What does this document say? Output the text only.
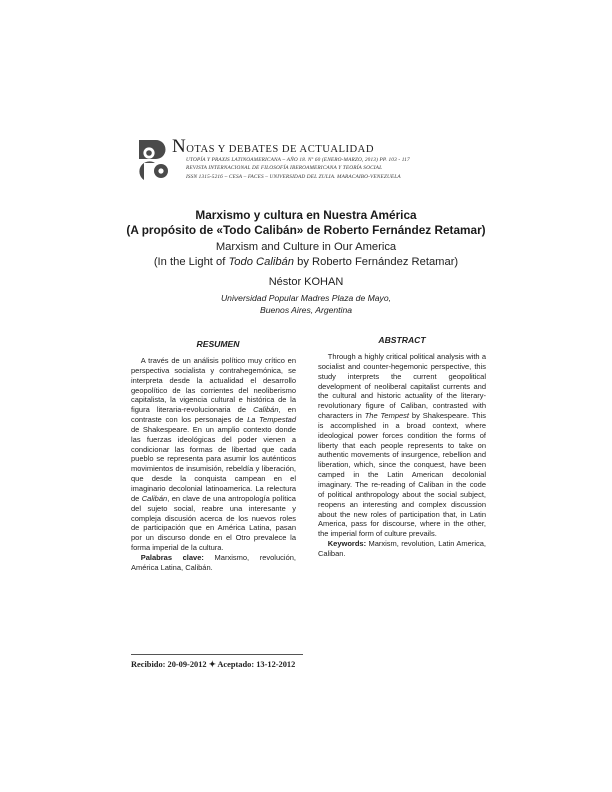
NOTAS Y DEBATES DE ACTUALIDAD
UTOPÍA Y PRAXIS LATINOAMERICANA ~ AÑO 18. Nº 60 (ENERO-MARZO, 2013) PP. 103 - 117
REVISTA INTERNACIONAL DE FILOSOFÍA IBEROAMERICANA Y TEORÍA SOCIAL
ISSN 1315-5216 ~ CESA – FACES – UNIVERSIDAD DEL ZULIA. MARACAIBO-VENEZUELA
Marxismo y cultura en Nuestra América
(A propósito de «Todo Calibán» de Roberto Fernández Retamar)
Marxism and Culture in Our America
(In the Light of Todo Calibán by Roberto Fernández Retamar)
Néstor KOHAN
Universidad Popular Madres Plaza de Mayo,
Buenos Aires, Argentina
RESUMEN	ABSTRACT

A través de un análisis político muy crítico en perspectiva socialista y contrahegemónica, se interpreta desde la actualidad el desarrollo geopolítico de las corrientes del neoliberismo capitalista, la vigencia cultural e histórica de la figura literaria-revolucionaria de Calibán, en contraste con los personajes de La Tempestad de Shakespeare. En un amplio contexto donde las fuerzas ideológicas del poder vienen a condicionar las formas de libertad que cada pueblo se representa para asumir los auténticos movimientos de insumisión, rebeldía y liberación, que desde la conquista campean en el imaginario decolonial latinoamerica. La relectura de Calibán, en clave de una antropología política del sujeto social, reabre una interesante y compleja discusión acerca de los nuevos roles de participación que en América Latina, pasan por un discurso donde en el Otro prevalece la forma imperial de la cultura.

Palabras clave: Marxismo, revolución, América Latina, Calibán.

Through a highly critical political analysis with a socialist and counter-hegemonic perspective, this study interprets the current geopolitical development of neoliberal capitalist currents and the cultural and historic actuality of the literary-revolutionary figure of Caliban, contrasted with characters in The Tempest by Shakespeare. This is accomplished in a broad context, where ideological power forces condition the forms of liberty that each people represents to take on authentic movements of insurgence, rebellion and liberation, which, since the conquest, have been camped in the Latin American decolonial imaginary. The re-reading of Caliban in the code of political anthropology about the social subject, reopens an interesting and complex discussion about the new roles of participation that, in Latin America, pass for discourse, where in the other, the imperial form of culture prevails.

Keywords: Marxism, revolution, Latin America, Caliban.

Recibido: 20-09-2012 ✦ Aceptado: 13-12-2012
